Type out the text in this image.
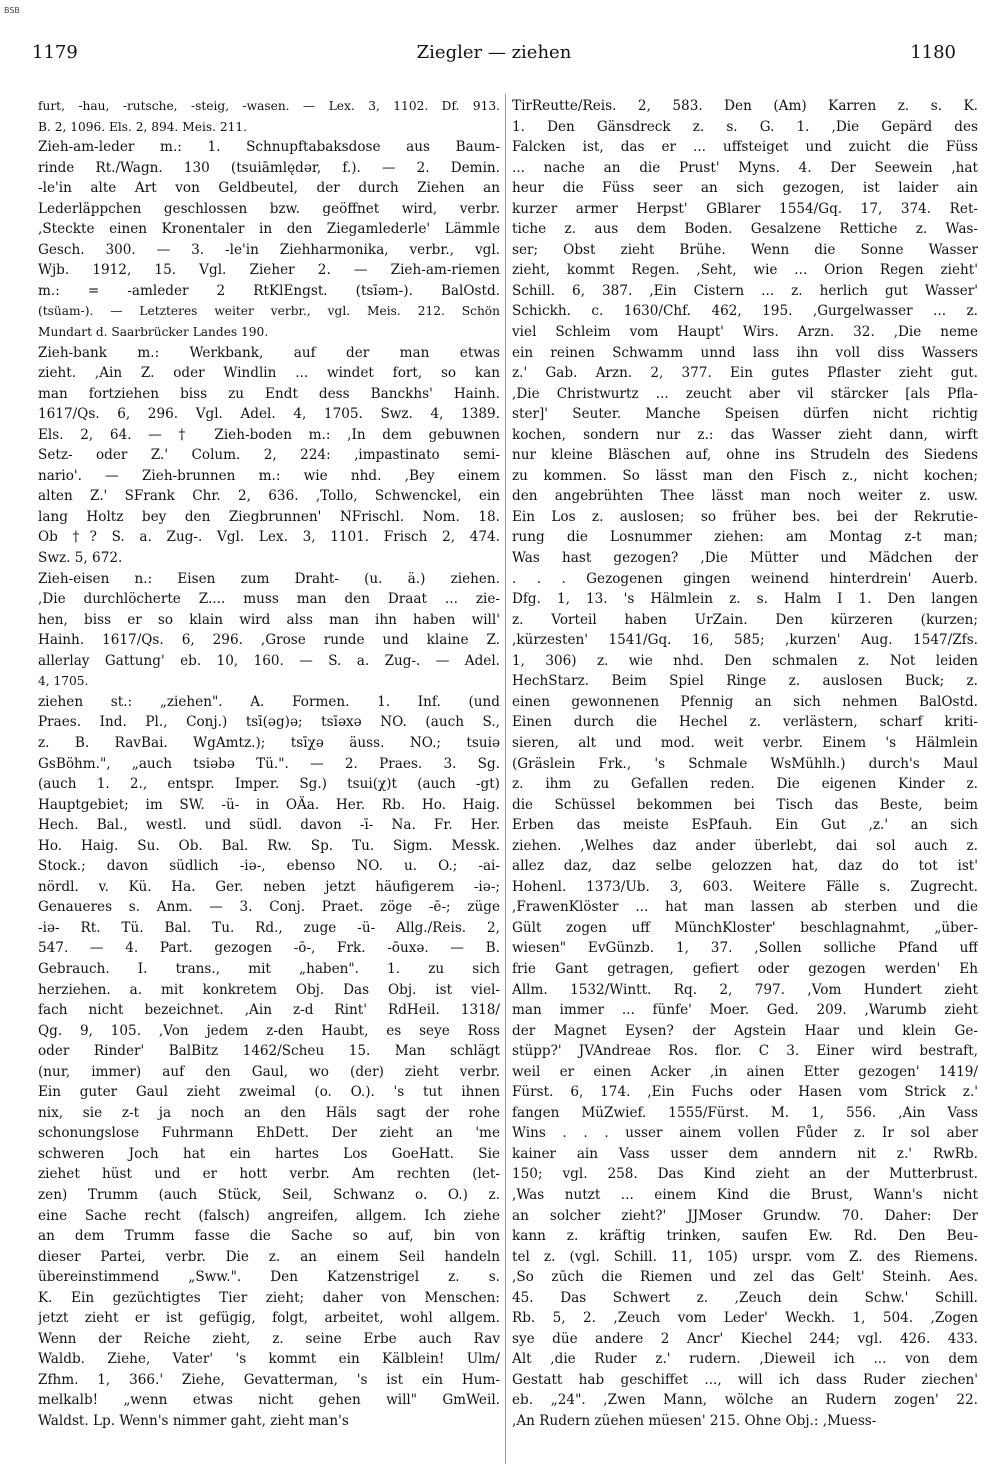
BSB
1179	Ziegler — ziehen	1180
furt, -hau, -rutsche, -steig, -wasen. — Lex. 3, 1102. Df. 913.
B. 2, 1096. Els. 2, 894. Meis. 211.
Zieh-am-leder m.: 1. Schnupftabaksdose aus Baum-
rinde Rt./Wagn. 130 (tsuiāmlędər, f.). — 2. Demin.
-le'in alte Art von Geldbeutel, der durch Ziehen an
Lederläppchen geschlossen bzw. geöffnet wird, verbr.
,Steckte einen Kronentaler in den Ziegamlederle' Lämmle
Gesch. 300. — 3. -le'in Ziehharmonika, verbr., vgl.
Wjb. 1912, 15. Vgl. Zieher 2. — Zieh-am-riemen
m.: = -amleder 2 RtKlEngst. (tsīəm-). BalOstd.
(tsüam-). — Letzteres weiter verbr., vgl. Meis. 212. Schön
Mundart d. Saarbrücker Landes 190.
Zieh-bank m.: Werkbank, auf der man etwas
zieht. ,Ain Z. oder Windlin ... windet fort, so kan
man fortziehen biss zu Endt dess Banckhs' Hainh.
1617/Qs. 6, 296. Vgl. Adel. 4, 1705. Swz. 4, 1389.
Els. 2, 64. — † Zieh-boden m.: ,In dem gebuwnen
Setz- oder Z.' Colum. 2, 224: ,impastinato semi-
nario'. — Zieh-brunnen m.: wie nhd. ,Bey einem
alten Z.' SFrank Chr. 2, 636. ,Tollo, Schwenckel, ein
lang Holtz bey den Ziegbrunnen' NFrischl. Nom. 18.
Ob †? S. a. Zug-. Vgl. Lex. 3, 1101. Frisch 2, 474.
Swz. 5, 672.
Zieh-eisen n.: Eisen zum Draht- (u. ä.) ziehen.
,Die durchlöcherte Z.... muss man den Draat ... zie-
hen, biss er so klain wird alss man ihn haben will'
Hainh. 1617/Qs. 6, 296. ,Grose runde und klaine Z.
allerlay Gattung' eb. 10, 160. — S. a. Zug-. — Adel.
4, 1705.
ziehen st.: „ziehen". A. Formen. 1. Inf. (und
Praes. Ind. Pl., Conj.) tsī(əg)ə; tsīəxə NO. (auch S.,
z. B. RavBai. WgAmtz.); tsīχə äuss. NO.; tsuiə
GsBöhm.", „auch tsiəbə Tü.". — 2. Praes. 3. Sg.
(auch 1. 2., entspr. Imper. Sg.) tsui(χ)t (auch -gt)
Hauptgebiet; im SW. -ü- in OÄa. Her. Rb. Ho. Haig.
Hech. Bal., westl. und südl. davon -ī- Na. Fr. Her.
Ho. Haig. Su. Ob. Bal. Rw. Sp. Tu. Sigm. Messk.
Stock.; davon südlich -iə-, ebenso NO. u. O.; -ai-
nördl. v. Kü. Ha. Ger. neben jetzt häufigerem -iə-;
Genaueres s. Anm. — 3. Conj. Praet. zöge -ē-; züge
-iə- Rt. Tü. Bal. Tu. Rd., zuge -ü- Allg./Reis. 2,
547. — 4. Part. gezogen -ō-, Frk. -ōuxə. — B.
Gebrauch. I. trans., mit „haben". 1. zu sich
herziehen. a. mit konkretem Obj. Das Obj. ist viel-
fach nicht bezeichnet. ,Ain z-d Rint' RdHeil. 1318/
Qg. 9, 105. ,Von jedem z-den Haubt, es seye Ross
oder Rinder' BalBitz 1462/Scheu 15. Man schlägt
(nur, immer) auf den Gaul, wo (der) zieht verbr.
Ein guter Gaul zieht zweimal (o. O.). 's tut ihnen
nix, sie z-t ja noch an den Häls sagt der rohe
schonungslose Fuhrmann EhDett. Der zieht an 'me
schweren Joch hat ein hartes Los GoeHatt. Sie
ziehet hüst und er hott verbr. Am rechten (let-
zen) Trumm (auch Stück, Seil, Schwanz o. O.) z.
eine Sache recht (falsch) angreifen, allgem. Ich ziehe
an dem Trumm fasse die Sache so auf, bin von
dieser Partei, verbr. Die z. an einem Seil handeln
übereinstimmend „Sww.". Den Katzenstrigel z. s.
K. Ein gezüchtigtes Tier zieht; daher von Menschen:
jetzt zieht er ist gefügig, folgt, arbeitet, wohl allgem.
Wenn der Reiche zieht, z. seine Erbe auch Rav
Waldb. Ziehe, Vater' 's kommt ein Kälblein! Ulm/
Zfhm. 1, 366.' Ziehe, Gevatterman, 's ist ein Hum-
melkalb! „wenn etwas nicht gehen will" GmWeil.
Waldst. Lp. Wenn's nimmer gaht, zieht man's
TirReutte/Reis. 2, 583. Den (Am) Karren z. s. K.
1. Den Gänsdreck z. s. G. 1. ,Die Gepärd des
Falcken ist, das er ... uffsteiget und zuicht die Füss
... nache an die Prust' Myns. 4. Der Seewein ,hat
heur die Füss seer an sich gezogen, ist laider ain
kurzer armer Herpst' GBlarer 1554/Gq. 17, 374. Ret-
tiche z. aus dem Boden. Gesalzene Rettiche z. Was-
ser; Obst zieht Brühe. Wenn die Sonne Wasser
zieht, kommt Regen. ,Seht, wie ... Orion Regen zieht'
Schill. 6, 387. ,Ein Cistern ... z. herlich gut Wasser'
Schickh. c. 1630/Chf. 462, 195. ,Gurgelwasser ... z.
viel Schleim vom Haupt' Wirs. Arzn. 32. ,Die neme
ein reinen Schwamm unnd lass ihn voll diss Wassers
z.' Gab. Arzn. 2, 377. Ein gutes Pflaster zieht gut.
,Die Christwurtz ... zeucht aber vil stärcker [als Pfla-
ster]' Seuter. Manche Speisen dürfen nicht richtig
kochen, sondern nur z.: das Wasser zieht dann, wirft
nur kleine Bläschen auf, ohne ins Strudeln des Siedens
zu kommen. So lässt man den Fisch z., nicht kochen;
den angebrühten Thee lässt man noch weiter z. usw.
Ein Los z. auslosen; so früher bes. bei der Rekrutie-
rung die Losnummer ziehen: am Montag z-t man;
Was hast gezogen? ,Die Mütter und Mädchen der
. . . Gezogenen gingen weinend hinterdrein' Auerb.
Dfg. 1, 13. 's Hälmlein z. s. Halm I 1. Den langen
z. Vorteil haben UrZain. Den kürzeren (kurzen;
,kürzesten' 1541/Gq. 16, 585; ,kurzen' Aug. 1547/Zfs.
1, 306) z. wie nhd. Den schmalen z. Not leiden
HechStarz. Beim Spiel Ringe z. auslosen Buck; z.
einen gewonnenen Pfennig an sich nehmen BalOstd.
Einen durch die Hechel z. verlästern, scharf kriti-
sieren, alt und mod. weit verbr. Einem 's Hälmlein
(Gräslein Frk., 's Schmale WsMühlh.) durch's Maul
z. ihm zu Gefallen reden. Die eigenen Kinder z.
die Schüssel bekommen bei Tisch das Beste, beim
Erben das meiste EsPfauh. Ein Gut ,z.' an sich
ziehen. ,Welhes daz ander überlebt, dai sol auch z.
allez daz, daz selbe gelozzen hat, daz do tot ist'
Hohenl. 1373/Ub. 3, 603. Weitere Fälle s. Zugrecht.
,FrawenKlöster ... hat man lassen ab sterben und die
Gült zogen uff MünchKloster' beschlagnahmt, „über-
wiesen" EvGünzb. 1, 37. ,Sollen solliche Pfand uff
frie Gant getragen, gefiert oder gezogen werden' Eh
Allm. 1532/Wintt. Rq. 2, 797. ,Vom Hundert zieht
man immer ... fünfe' Moer. Ged. 209. ,Warumb zieht
der Magnet Eysen? der Agstein Haar und klein Ge-
stüpp?' JVAndreae Ros. flor. C 3. Einer wird bestraft,
weil er einen Acker ,in ainen Etter gezogen' 1419/
Fürst. 6, 174. ,Ein Fuchs oder Hasen vom Strick z.'
fangen MüZwief. 1555/Fürst. M. 1, 556. ,Ain Vass
Wins . . . usser ainem vollen Fůder z. Ir sol aber
kainer ain Vass usser dem anndern nit z.' RwRb.
150; vgl. 258. Das Kind zieht an der Mutterbrust.
,Was nutzt ... einem Kind die Brust, Wann's nicht
an solcher zieht?' JJMoser Grundw. 70. Daher: Der
kann z. kräftig trinken, saufen Ew. Rd. Den Beu-
tel z. (vgl. Schill. 11, 105) urspr. vom Z. des Riemens.
,So zūch die Riemen und zel das Gelt' Steinh. Aes.
45. Das Schwert z. ,Zeuch dein Schw.' Schill.
Rb. 5, 2. ,Zeuch vom Leder' Weckh. 1, 504. ,Zogen
sye düe andere 2 Ancr' Kiechel 244; vgl. 426. 433.
Alt ,die Ruder z.' rudern. ,Dieweil ich ... von dem
Gestatt hab geschiffet ..., will ich dass Ruder ziechen'
eb. „24". ,Zwen Mann, wölche an Rudern zogen' 22.
,An Rudern züehen müesen' 215. Ohne Obj.: ,Muess-
